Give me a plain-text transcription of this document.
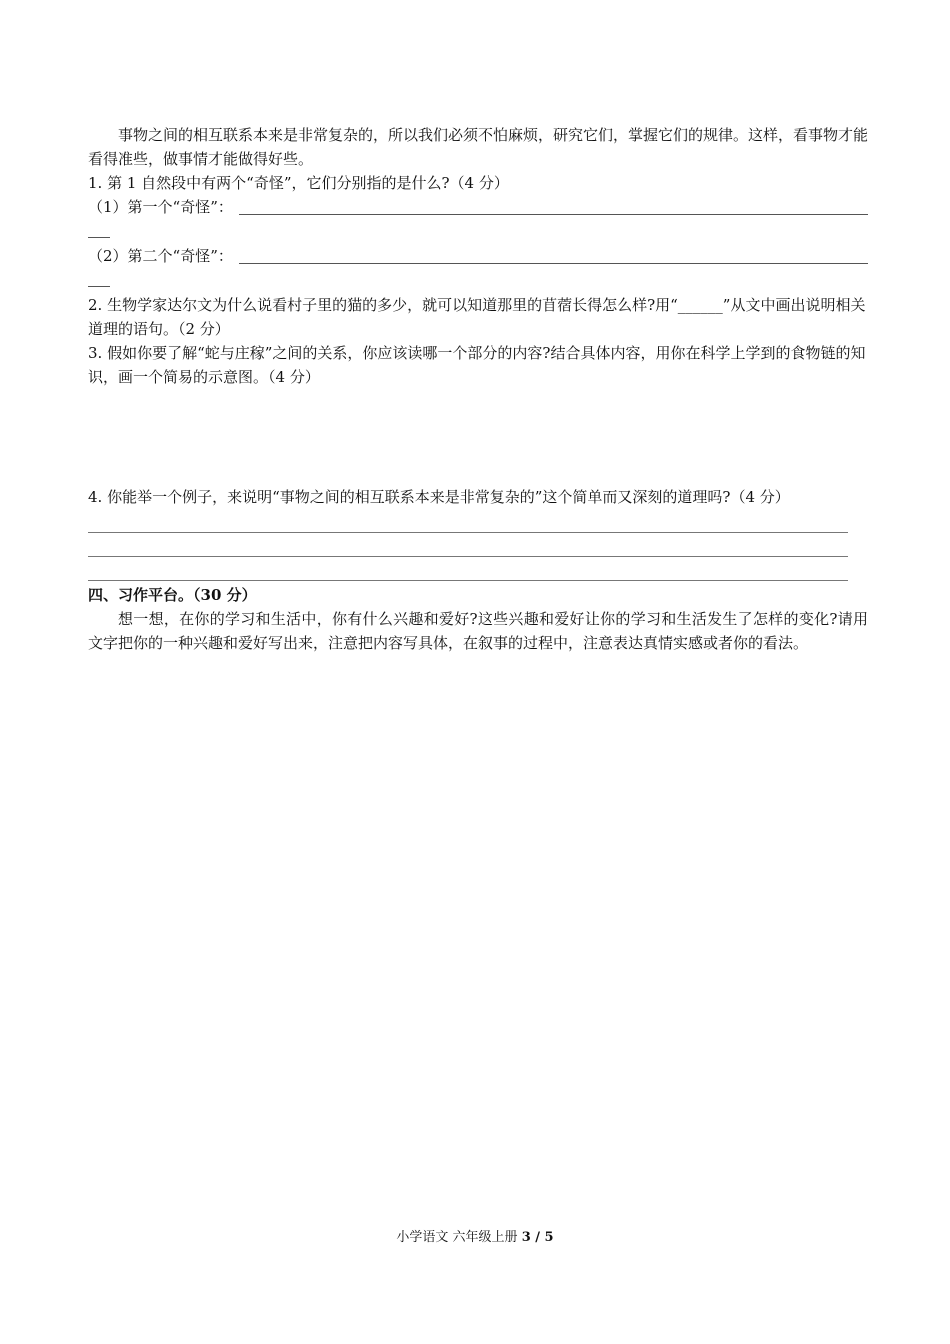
事物之间的相互联系本来是非常复杂的，所以我们必须不怕麻烦，研究它们，掌握它们的规律。这样，看事物才能看得准些，做事情才能做得好些。

1. 第 1 自然段中有两个“奇怪”，它们分别指的是什么?（4 分）

（1）第一个“奇怪”：
（2）第二个“奇怪”：

2. 生物学家达尔文为什么说看村子里的猫的多少，就可以知道那里的苜蓿长得怎么样?用“______”从文中画出说明相关道理的语句。（2 分）

3. 假如你要了解“蛇与庄稼”之间的关系，你应该读哪一个部分的内容?结合具体内容，用你在科学上学到的食物链的知识，画一个简易的示意图。（4 分）

4. 你能举一个例子，来说明“事物之间的相互联系本来是非常复杂的”这个简单而又深刻的道理吗?（4 分）

四、习作平台。（30 分）

想一想，在你的学习和生活中，你有什么兴趣和爱好?这些兴趣和爱好让你的学习和生活发生了怎样的变化?请用文字把你的一种兴趣和爱好写出来，注意把内容写具体，在叙事的过程中，注意表达真情实感或者你的看法。

小学语文 六年级上册 3 / 5
